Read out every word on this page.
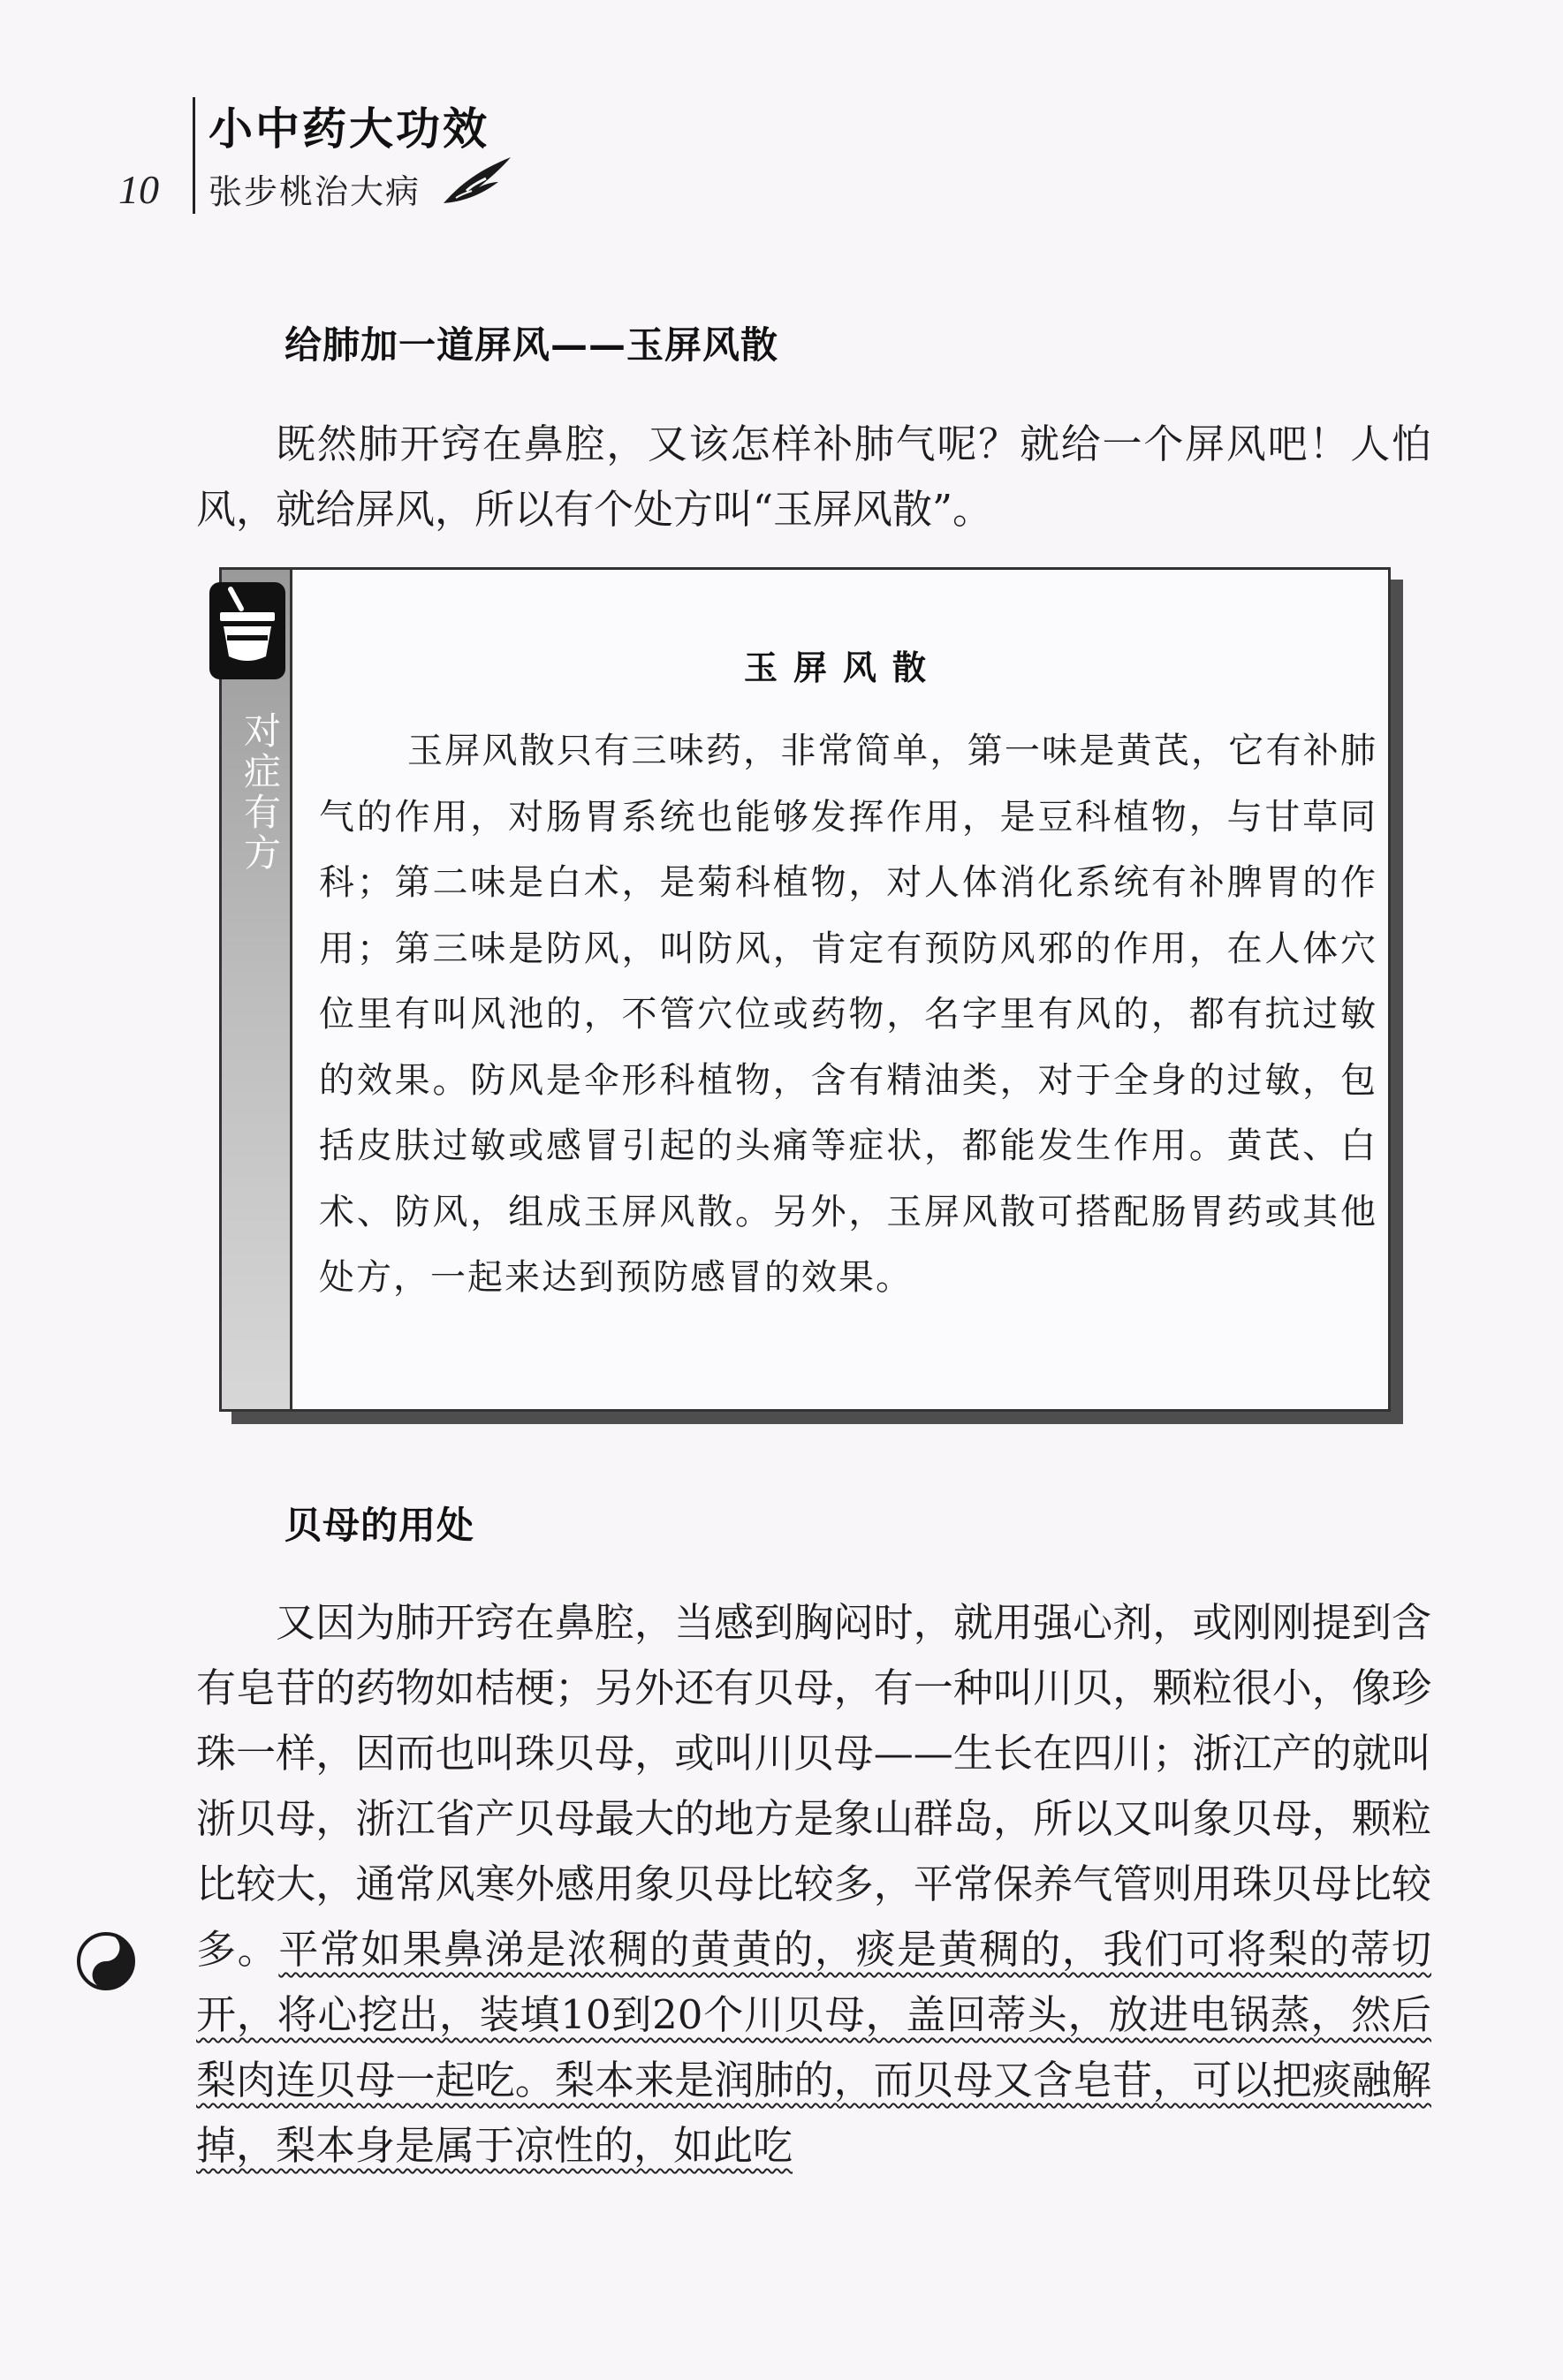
10
小中药大功效
张步桃治大病
给肺加一道屏风——玉屏风散

既然肺开窍在鼻腔，又该怎样补肺气呢？就给一个屏风吧！人怕风，就给屏风，所以有个处方叫“玉屏风散”。

对症有方
玉屏风散

玉屏风散只有三味药，非常简单，第一味是黄芪，它有补肺气的作用，对肠胃系统也能够发挥作用，是豆科植物，与甘草同科；第二味是白术，是菊科植物，对人体消化系统有补脾胃的作用；第三味是防风，叫防风，肯定有预防风邪的作用，在人体穴位里有叫风池的，不管穴位或药物，名字里有风的，都有抗过敏的效果。防风是伞形科植物，含有精油类，对于全身的过敏，包括皮肤过敏或感冒引起的头痛等症状，都能发生作用。黄芪、白术、防风，组成玉屏风散。另外，玉屏风散可搭配肠胃药或其他处方，一起来达到预防感冒的效果。

贝母的用处

又因为肺开窍在鼻腔，当感到胸闷时，就用强心剂，或刚刚提到含有皂苷的药物如桔梗；另外还有贝母，有一种叫川贝，颗粒很小，像珍珠一样，因而也叫珠贝母，或叫川贝母——生长在四川；浙江产的就叫浙贝母，浙江省产贝母最大的地方是象山群岛，所以又叫象贝母，颗粒比较大，通常风寒外感用象贝母比较多，平常保养气管则用珠贝母比较多。平常如果鼻涕是浓稠的黄黄的，痰是黄稠的，我们可将梨的蒂切开，将心挖出，装填10到20个川贝母，盖回蒂头，放进电锅蒸，然后梨肉连贝母一起吃。梨本来是润肺的，而贝母又含皂苷，可以把痰融解掉，梨本身是属于凉性的，如此吃
